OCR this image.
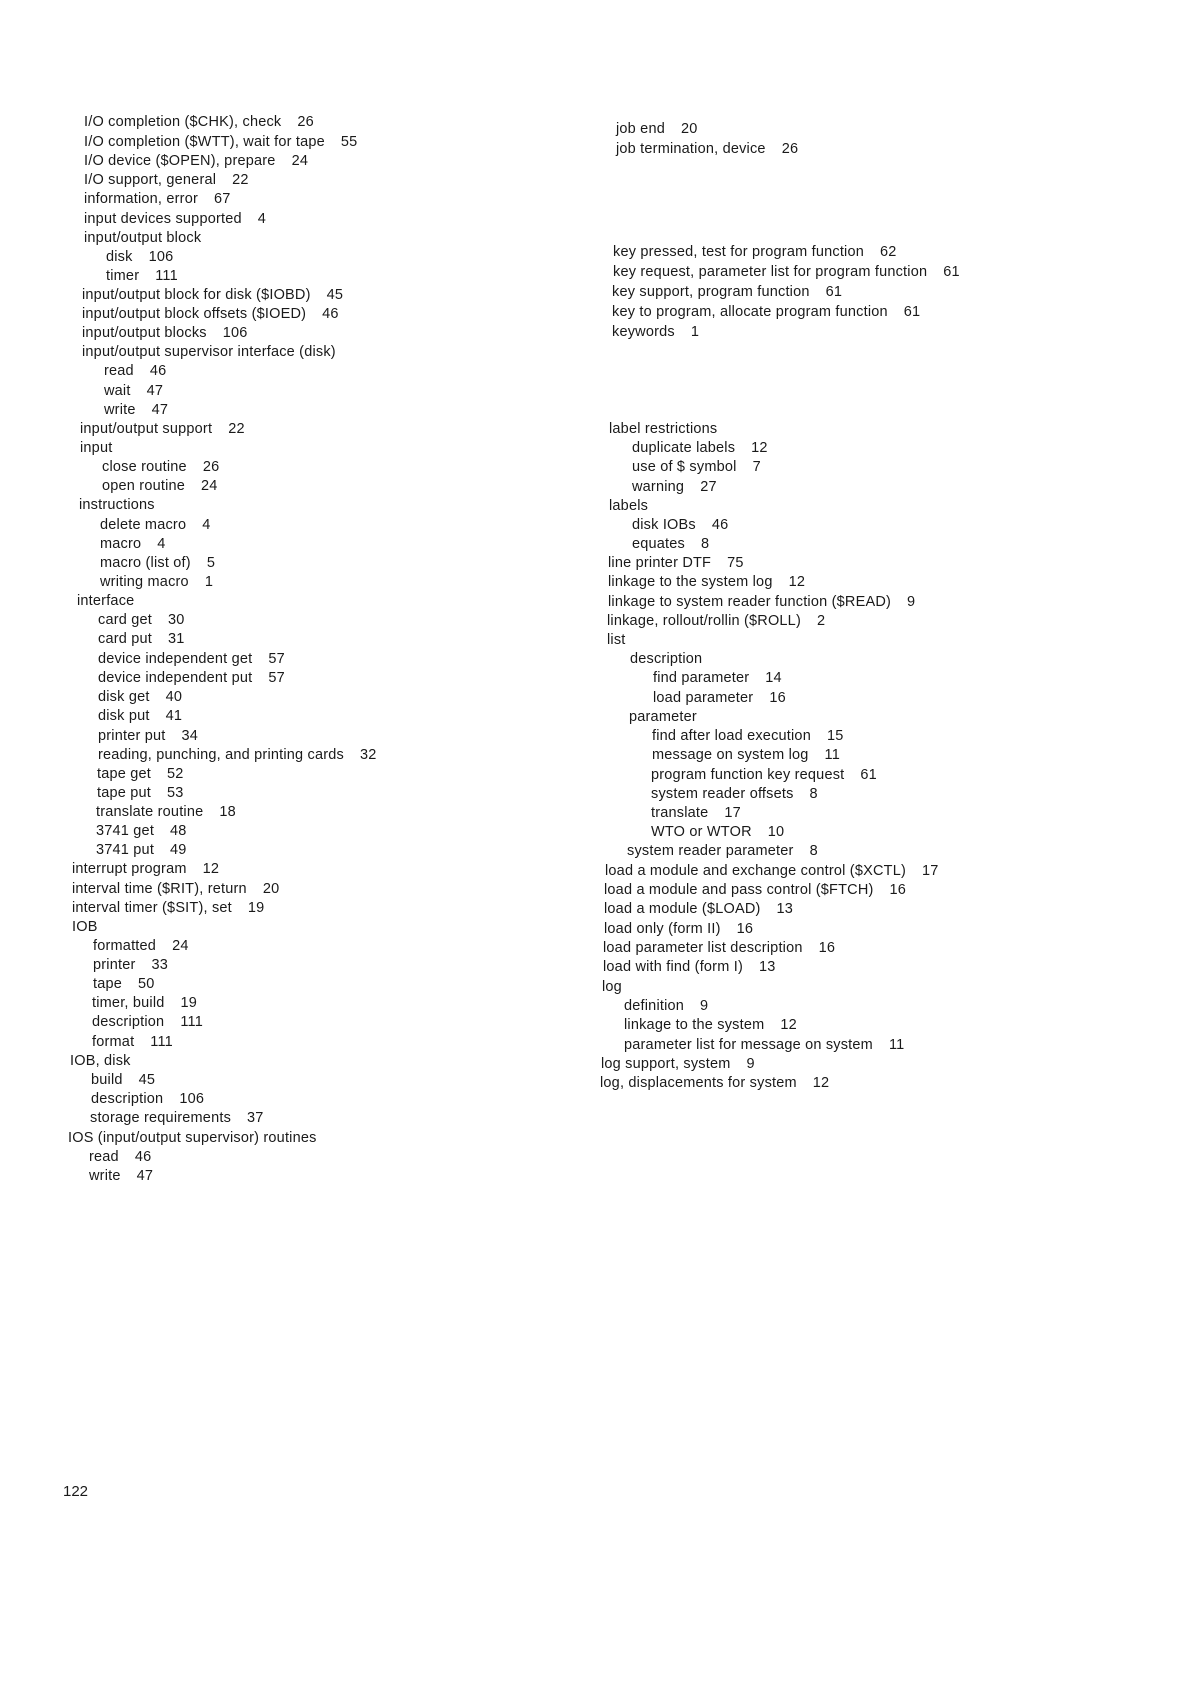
I/O completion ($CHK), check 26
I/O completion ($WTT), wait for tape 55
I/O device ($OPEN), prepare 24
I/O support, general 22
information, error 67
input devices supported 4
input/output block
disk 106
timer 111
input/output block for disk ($IOBD) 45
input/output block offsets ($IOED) 46
input/output blocks 106
input/output supervisor interface (disk)
read 46
wait 47
write 47
input/output support 22
input
close routine 26
open routine 24
instructions
delete macro 4
macro 4
macro (list of) 5
writing macro 1
interface
card get 30
card put 31
device independent get 57
device independent put 57
disk get 40
disk put 41
printer put 34
reading, punching, and printing cards 32
tape get 52
tape put 53
translate routine 18
3741 get 48
3741 put 49
interrupt program 12
interval time ($RIT), return 20
interval timer ($SIT), set 19
IOB
formatted 24
printer 33
tape 50
timer, build 19
description 111
format 111
IOB, disk
build 45
description 106
storage requirements 37
IOS (input/output supervisor) routines
read 46
write 47
job end 20
job termination, device 26
key pressed, test for program function 62
key request, parameter list for program function 61
key support, program function 61
key to program, allocate program function 61
keywords 1
label restrictions
duplicate labels 12
use of $ symbol 7
warning 27
labels
disk IOBs 46
equates 8
line printer DTF 75
linkage to the system log 12
linkage to system reader function ($READ) 9
linkage, rollout/rollin ($ROLL) 2
list
description
find parameter 14
load parameter 16
parameter
find after load execution 15
message on system log 11
program function key request 61
system reader offsets 8
translate 17
WTO or WTOR 10
system reader parameter 8
load a module and exchange control ($XCTL) 17
load a module and pass control ($FTCH) 16
load a module ($LOAD) 13
load only (form II) 16
load parameter list description 16
load with find (form I) 13
log
definition 9
linkage to the system 12
parameter list for message on system 11
log support, system 9
log, displacements for system 12
122
